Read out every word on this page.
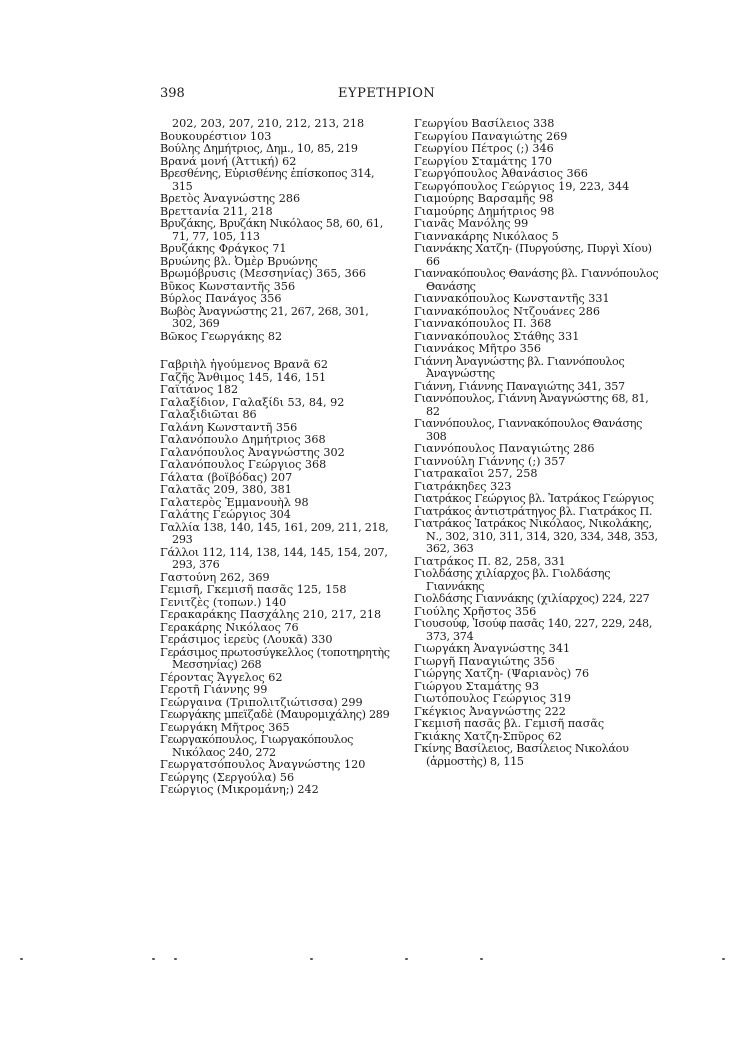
398	ΕΥΡΕΤΗΡΙΟΝ

202, 203, 207, 210, 212, 213, 218

Βουκουρέστιον 103

Βούλης Δημήτριος, Δημ., 10, 85, 219

Βρανά μονή (Άττική) 62

Βρεσθένης, Εὐρισθένης ἐπίσκοπος 314, 315

Βρετὸς Ἀναγνώστης 286

Βρεττανία 211, 218

Βρυζάκης, Βρυζάκη Νικόλαος 58, 60, 61, 71, 77, 105, 113

Βρυζάκης Φράγκος 71

Βρυώνης βλ. Ὀμὲρ Βρυώνης

Βρωμόβρυσις (Μεσσηνίας) 365, 366

Βῦκος Κωνσταντῆς 356

Βύρλος Πανάγος 356

Βωβὸς Ἀναγνώστης 21, 267, 268, 301, 302, 369

Βῶκος Γεωργάκης 82

Γαβριὴλ ἡγούμενος Βρανᾶ 62

Γαζῆς Ἄνθιμος 145, 146, 151

Γαϊτάνος 182

Γαλαξίδιον, Γαλαξίδι 53, 84, 92

Γαλαξιδιῶται 86

Γαλάνη Κωνσταντῆ 356

Γαλανόπουλο Δημήτριος 368

Γαλανόπουλος Ἀναγνώστης 302

Γαλανόπουλος Γεώργιος 368

Γάλατα (βοϊβόδας) 207

Γαλατᾶς 209, 380, 381

Γαλατερὸς Ἐμμανουὴλ 98

Γαλάτης Γεώργιος 304

Γαλλία 138, 140, 145, 161, 209, 211, 218, 293

Γάλλοι 112, 114, 138, 144, 145, 154, 207, 293, 376

Γαστούνη 262, 369

Γεμισῆ, Γκεμισῆ πασᾶς 125, 158

Γενιτζὲς (τοπων.) 140

Γερακαράκης Πασχάλης 210, 217, 218

Γερακάρης Νικόλαος 76

Γεράσιμος ἱερεὺς (Λουκᾶ) 330

Γεράσιμος πρωτοσύγκελλος (τοποτηρητὴς Μεσσηνίας) 268

Γέροντας Ἄγγελος 62

Γεροτῆ Γιάννης 99

Γεώργαινα (Τριπολιτζιώτισσα) 299

Γεωργάκης μπεϊζαδὲ (Μαυρομιχάλης) 289

Γεωργάκη Μῆτρος 365

Γεωργακόπουλος, Γιωργακόπουλος Νικόλαος 240, 272

Γεωργατσόπουλος Ἀναγνώστης 120

Γεώργης (Σεργούλα) 56

Γεώργιος (Μικρομάνη;) 242

Γεωργίου Βασίλειος 338

Γεωργίου Παναγιώτης 269

Γεωργίου Πέτρος (;) 346

Γεωργίου Σταμάτης 170

Γεωργόπουλος Ἀθανάσιος 366

Γεωργόπουλος Γεώργιος 19, 223, 344

Γιαμούρης Βαρσαμῆς 98

Γιαμούρης Δημήτριος 98

Γιανᾶς Μανόλης 99

Γιαννακάρης Νικόλαος 5

Γιαννάκης Χατζη- (Πυργούσης, Πυργὶ Χίου) 66

Γιαννακόπουλος Θανάσης βλ. Γιαννόπουλος Θανάσης

Γιαννακόπουλος Κωνσταντῆς 331

Γιαννακόπουλος Ντζουάνες 286

Γιαννακόπουλος Π. 368

Γιαννακόπουλος Στάθης 331

Γιαννάκος Μῆτρο 356

Γιάννη Ἀναγνώστης βλ. Γιαννόπουλος Ἀναγνώστης

Γιάννη, Γιάννης Παναγιώτης 341, 357

Γιαννόπουλος, Γιάννη Ἀναγνώστης 68, 81, 82

Γιαννόπουλος, Γιαννακόπουλος Θανάσης 308

Γιαννόπουλος Παναγιώτης 286

Γιαννούλη Γιάννης (;) 357

Γιατρακαῖοι 257, 258

Γιατράκηδες 323

Γιατράκος Γεώργιος βλ. Ἰατράκος Γεώργιος

Γιατράκος ἀντιστράτηγος βλ. Γιατράκος Π.

Γιατράκος Ἰατράκος Νικόλαος, Νικολάκης, Ν., 302, 310, 311, 314, 320, 334, 348, 353, 362, 363

Γιατράκος Π. 82, 258, 331

Γιολδάσης χιλίαρχος βλ. Γιολδάσης Γιαννάκης

Γιολδάσης Γιαννάκης (χιλίαρχος) 224, 227

Γιούλης Χρῆστος 356

Γιουσούφ, Ἰσούφ πασᾶς 140, 227, 229, 248, 373, 374

Γιωργάκη Ἀναγνώστης 341

Γιωργῆ Παναγιώτης 356

Γιώργης Χατζη- (Ψαριανὸς) 76

Γιώργου Σταμάτης 93

Γιωτόπουλος Γεώργιος 319

Γκέγκιος Ἀναγνώστης 222

Γκεμισῆ πασᾶς βλ. Γεμισῆ πασᾶς

Γκιάκης Χατζη-Σπῦρος 62

Γκίνης Βασίλειος, Βασίλειος Νικολάου (ἁρμοστὴς) 8, 115
